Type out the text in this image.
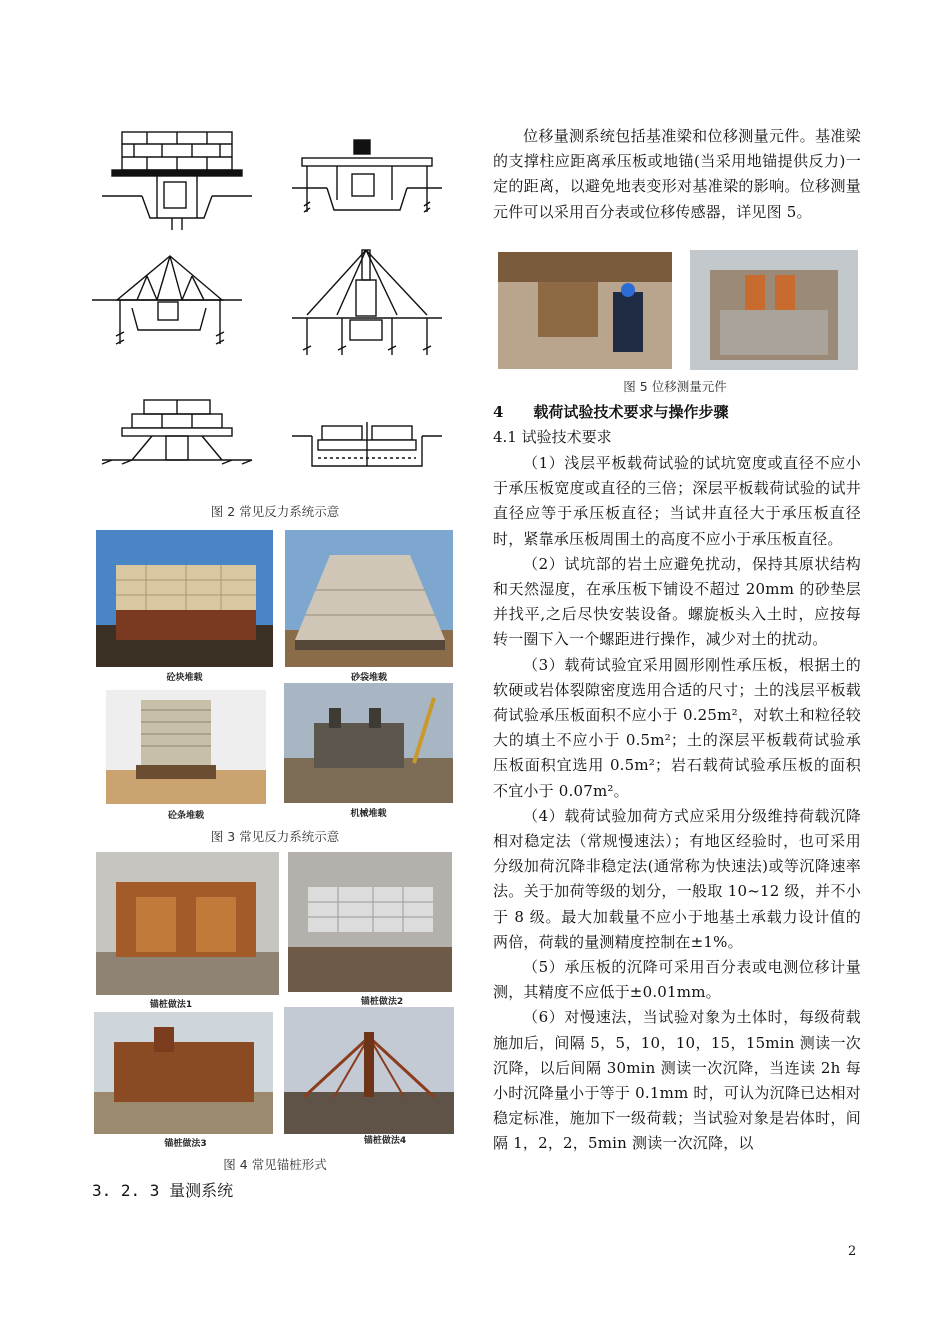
图 2 常见反力系统示意
砼块堆载	砂袋堆载
砼条堆载	机械堆载
图 3 常见反力系统示意
锚桩做法1	锚桩做法2
锚桩做法3	锚桩做法4
图 4 常见锚桩形式
3. 2. 3 量测系统

位移量测系统包括基准梁和位移测量元件。基准梁的支撑柱应距离承压板或地锚(当采用地锚提供反力)一定的距离，以避免地表变形对基准梁的影响。位移测量元件可以采用百分表或位移传感器，详见图 5。

图 5 位移测量元件
4　　载荷试验技术要求与操作步骤
4.1 试验技术要求

（1）浅层平板载荷试验的试坑宽度或直径不应小于承压板宽度或直径的三倍；深层平板载荷试验的试井直径应等于承压板直径；当试井直径大于承压板直径时，紧靠承压板周围土的高度不应小于承压板直径。

（2）试坑部的岩土应避免扰动，保持其原状结构和天然湿度，在承压板下铺设不超过 20mm 的砂垫层并找平,之后尽快安装设备。螺旋板头入土时，应按每转一圈下入一个螺距进行操作，减少对土的扰动。

（3）载荷试验宜采用圆形刚性承压板，根据土的软硬或岩体裂隙密度选用合适的尺寸；土的浅层平板载荷试验承压板面积不应小于 0.25m²，对软土和粒径较大的填土不应小于 0.5m²；土的深层平板载荷试验承压板面积宜选用 0.5m²；岩石载荷试验承压板的面积不宜小于 0.07m²。

（4）载荷试验加荷方式应采用分级维持荷载沉降相对稳定法（常规慢速法）；有地区经验时，也可采用分级加荷沉降非稳定法(通常称为快速法)或等沉降速率法。关于加荷等级的划分，一般取 10~12 级，并不小于 8 级。最大加载量不应小于地基土承载力设计值的两倍，荷载的量测精度控制在±1%。

（5）承压板的沉降可采用百分表或电测位移计量测，其精度不应低于±0.01mm。

（6）对慢速法，当试验对象为土体时，每级荷载施加后，间隔 5，5，10，10，15，15min 测读一次沉降，以后间隔 30min 测读一次沉降，当连读 2h 每小时沉降量小于等于 0.1mm 时，可认为沉降已达相对稳定标准，施加下一级荷载；当试验对象是岩体时，间隔 1，2，2，5min 测读一次沉降，以

2
